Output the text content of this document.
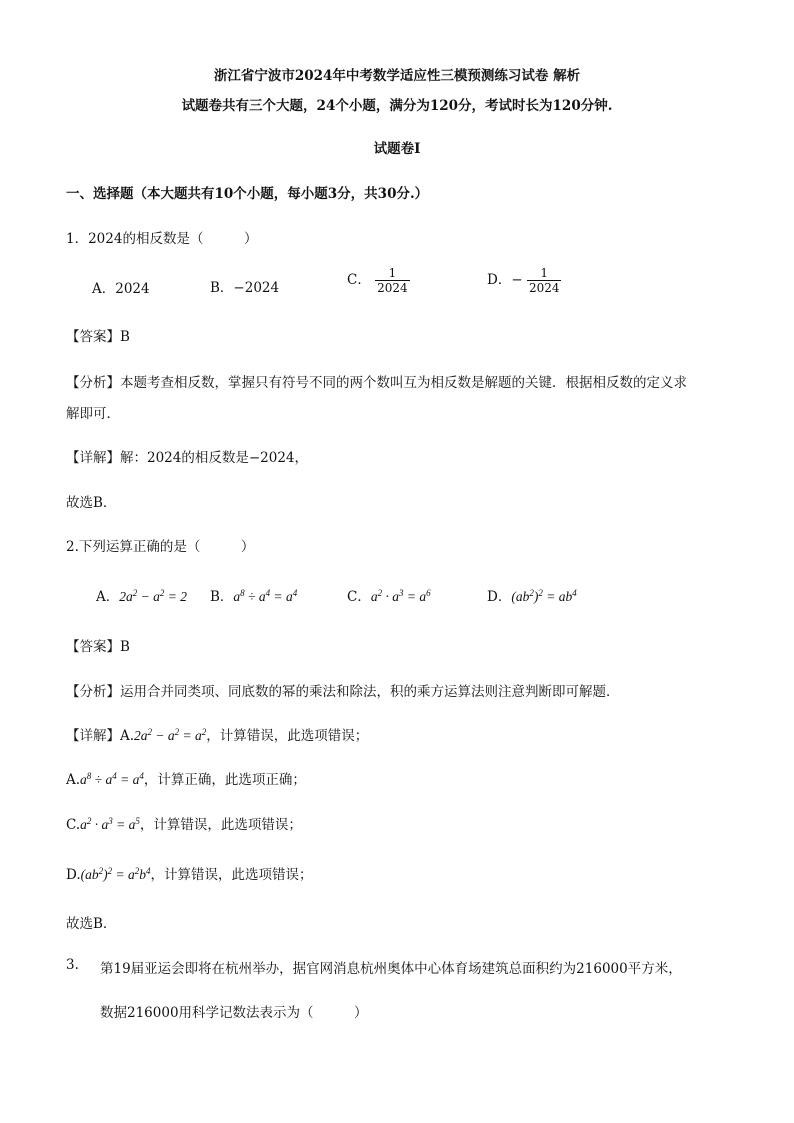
浙江省宁波市2024年中考数学适应性三模预测练习试卷 解析
试题卷共有三个大题，24个小题，满分为120分，考试时长为120分钟.
试题卷Ⅰ
一、选择题（本大题共有10个小题，每小题3分，共30分.）
1．2024的相反数是（　　　）
A．2024	B．−2024	C． $\frac{1}{2024}$	D．− $\frac{1}{2024}$
【答案】B
【分析】本题考查相反数，掌握只有符号不同的两个数叫互为相反数是解题的关键．根据相反数的定义求
解即可．
【详解】解：2024的相反数是−2024，
故选B．
2.下列运算正确的是（　　　）
A．$2a^2 - a^2 = 2$ B．$a^8 \div a^4 = a^4$	C．$a^2 \cdot a^3 = a^6$	D．$(ab^2)^2 = ab^4$
【答案】B
【分析】运用合并同类项、同底数的幂的乘法和除法，积的乘方运算法则注意判断即可解题．
【详解】$A.2a^2 - a^2 = a^2$，计算错误，此选项错误；
$A.a^8 \div a^4 = a^4$，计算正确，此选项正确；
$C.a^2 \cdot a^3 = a^5$，计算错误，此选项错误；
$D.(ab^2)^2 = a^2b^4$，计算错误，此选项错误；
故选B．
3. 第19届亚运会即将在杭州举办，据官网消息杭州奥体中心体育场建筑总面积约为216000平方米，
数据216000用科学记数法表示为（　　　）
